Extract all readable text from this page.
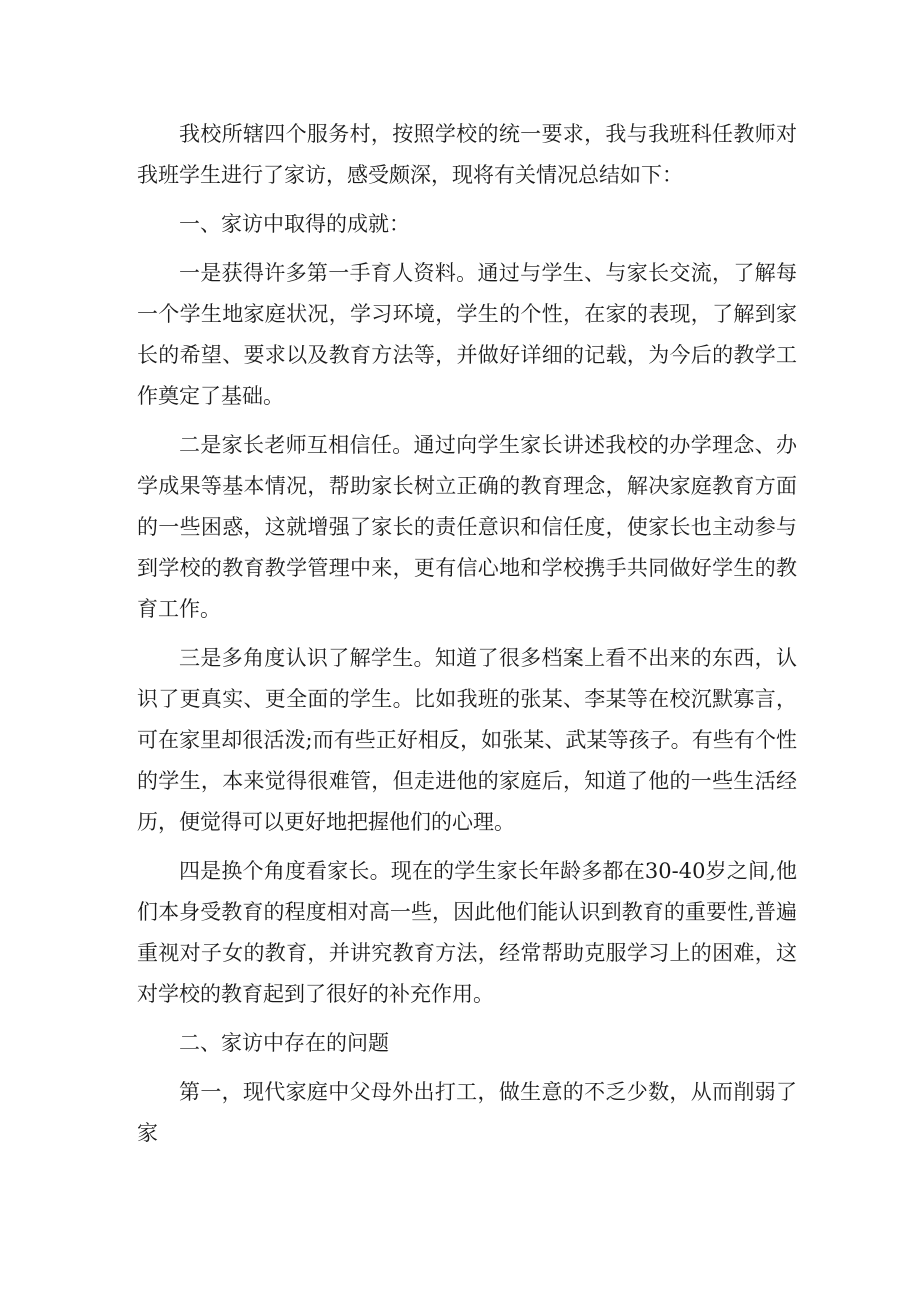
我校所辖四个服务村，按照学校的统一要求，我与我班科任教师对我班学生进行了家访，感受颇深，现将有关情况总结如下：

一、家访中取得的成就：

一是获得许多第一手育人资料。通过与学生、与家长交流，了解每一个学生地家庭状况，学习环境，学生的个性，在家的表现，了解到家长的希望、要求以及教育方法等，并做好详细的记载，为今后的教学工作奠定了基础。

二是家长老师互相信任。通过向学生家长讲述我校的办学理念、办学成果等基本情况，帮助家长树立正确的教育理念，解决家庭教育方面的一些困惑，这就增强了家长的责任意识和信任度，使家长也主动参与到学校的教育教学管理中来，更有信心地和学校携手共同做好学生的教育工作。

三是多角度认识了解学生。知道了很多档案上看不出来的东西，认识了更真实、更全面的学生。比如我班的张某、李某等在校沉默寡言，可在家里却很活泼;而有些正好相反，如张某、武某等孩子。有些有个性的学生，本来觉得很难管，但走进他的家庭后，知道了他的一些生活经历，便觉得可以更好地把握他们的心理。

四是换个角度看家长。现在的学生家长年龄多都在30-40岁之间,他们本身受教育的程度相对高一些，因此他们能认识到教育的重要性,普遍重视对子女的教育，并讲究教育方法，经常帮助克服学习上的困难，这对学校的教育起到了很好的补充作用。

二、家访中存在的问题

第一，现代家庭中父母外出打工，做生意的不乏少数，从而削弱了家
